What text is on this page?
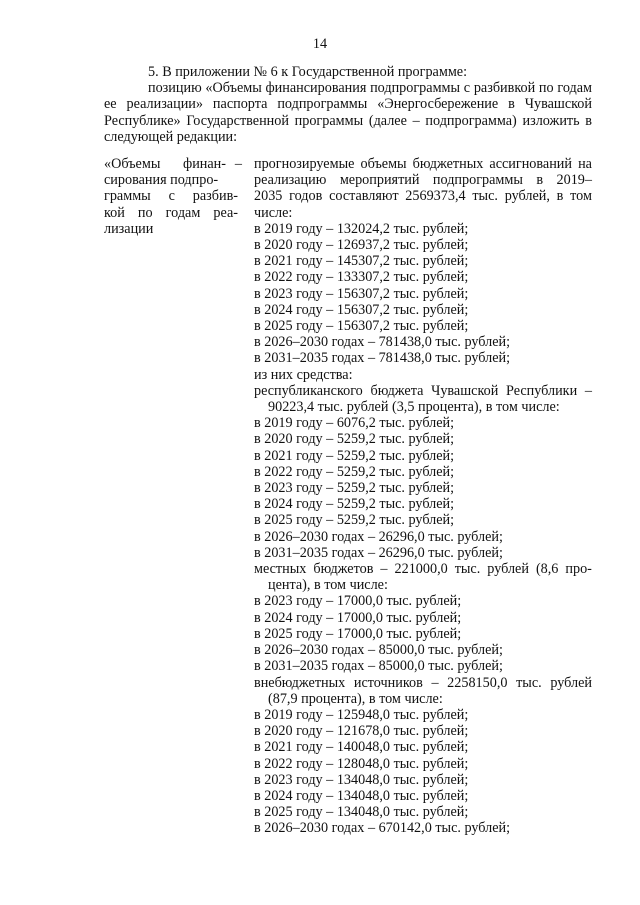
14

5. В приложении № 6 к Государственной программе:

позицию «Объемы финансирования подпрограммы с разбивкой по годам ее реализации» паспорта подпрограммы «Энергосбережение в Чувашской Республике» Государственной программы (далее – подпрограмма) изложить в следующей редакции:

«Объемы финан-
сирования подпро-
граммы с разбив-
кой по годам реа-
лизации
– прогнозируемые объемы бюджетных ассигнований на
реализацию мероприятий подпрограммы в 2019–
2035 годов составляют 2569373,4 тыс. рублей, в том
числе:
в 2019 году – 132024,2 тыс. рублей;
в 2020 году – 126937,2 тыс. рублей;
в 2021 году – 145307,2 тыс. рублей;
в 2022 году – 133307,2 тыс. рублей;
в 2023 году – 156307,2 тыс. рублей;
в 2024 году – 156307,2 тыс. рублей;
в 2025 году – 156307,2 тыс. рублей;
в 2026–2030 годах – 781438,0 тыс. рублей;
в 2031–2035 годах – 781438,0 тыс. рублей;
из них средства:
республиканского бюджета Чувашской Республики –
90223,4 тыс. рублей (3,5 процента), в том числе:
в 2019 году – 6076,2 тыс. рублей;
в 2020 году – 5259,2 тыс. рублей;
в 2021 году – 5259,2 тыс. рублей;
в 2022 году – 5259,2 тыс. рублей;
в 2023 году – 5259,2 тыс. рублей;
в 2024 году – 5259,2 тыс. рублей;
в 2025 году – 5259,2 тыс. рублей;
в 2026–2030 годах – 26296,0 тыс. рублей;
в 2031–2035 годах – 26296,0 тыс. рублей;
местных бюджетов – 221000,0 тыс. рублей (8,6 про-
цента), в том числе:
в 2023 году – 17000,0 тыс. рублей;
в 2024 году – 17000,0 тыс. рублей;
в 2025 году – 17000,0 тыс. рублей;
в 2026–2030 годах – 85000,0 тыс. рублей;
в 2031–2035 годах – 85000,0 тыс. рублей;
внебюджетных источников – 2258150,0 тыс. рублей
(87,9 процента), в том числе:
в 2019 году – 125948,0 тыс. рублей;
в 2020 году – 121678,0 тыс. рублей;
в 2021 году – 140048,0 тыс. рублей;
в 2022 году – 128048,0 тыс. рублей;
в 2023 году – 134048,0 тыс. рублей;
в 2024 году – 134048,0 тыс. рублей;
в 2025 году – 134048,0 тыс. рублей;
в 2026–2030 годах – 670142,0 тыс. рублей;
